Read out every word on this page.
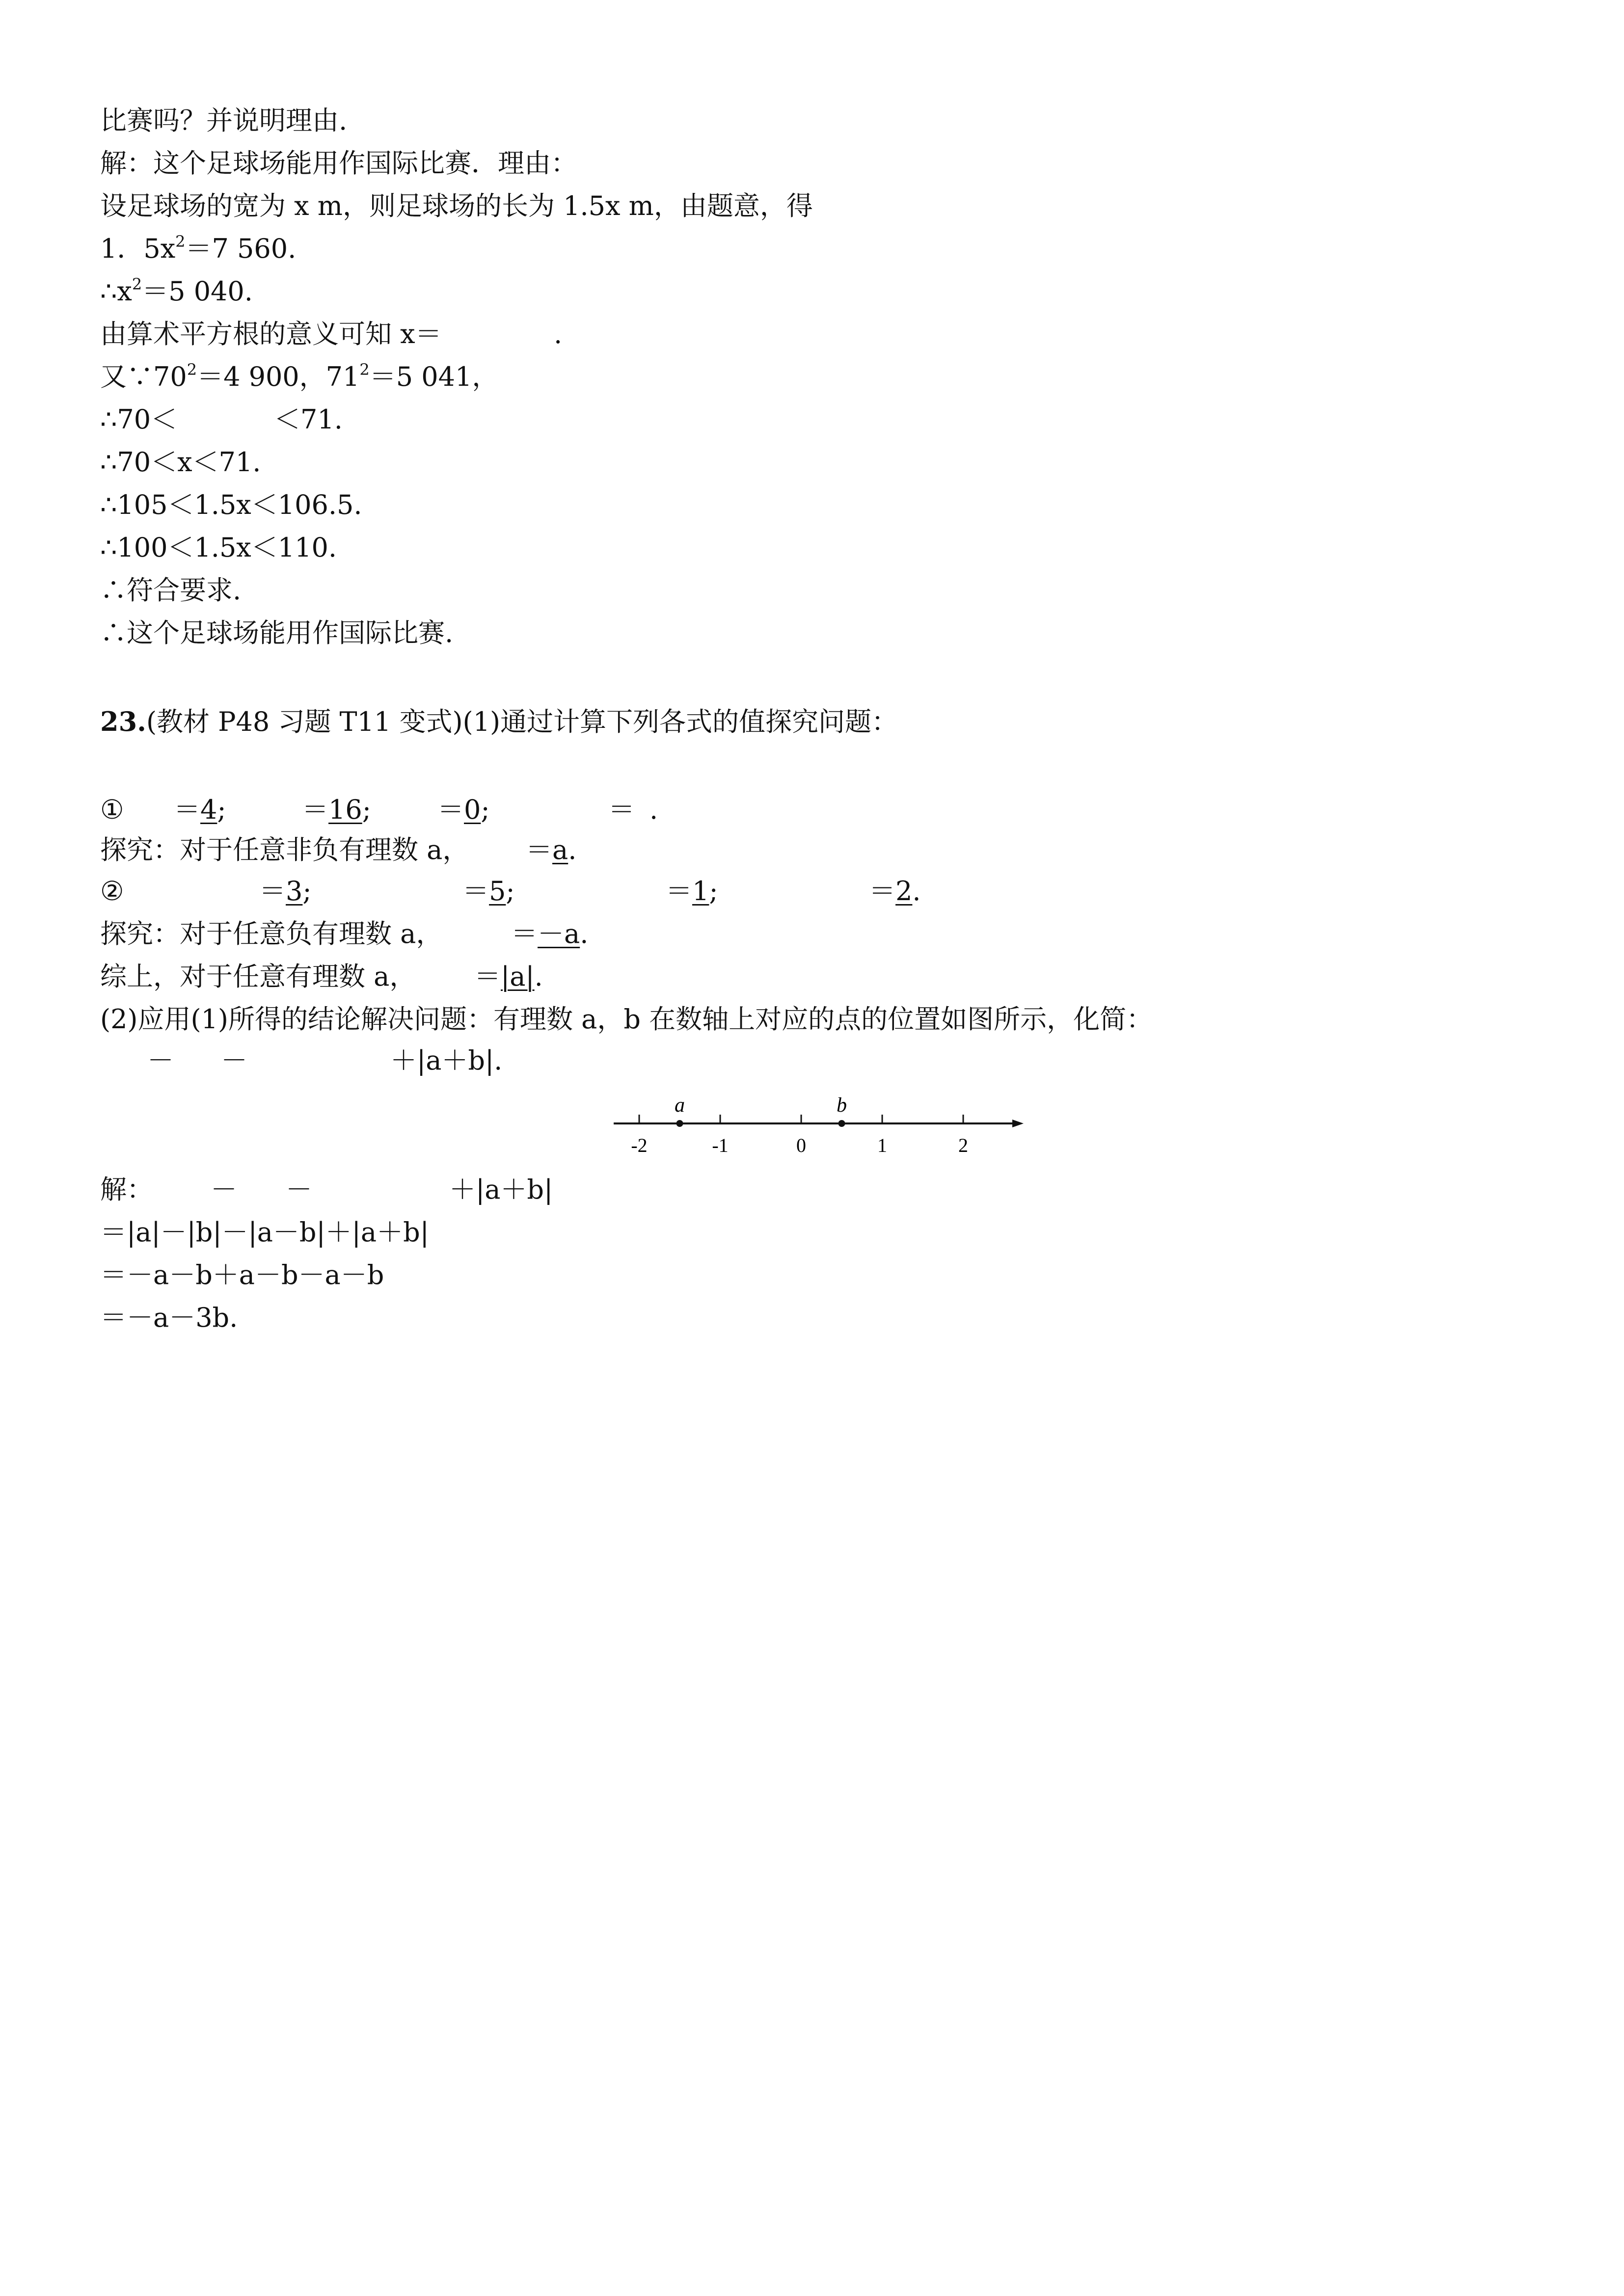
比赛吗？并说明理由.
解：这个足球场能用作国际比赛．理由：
设足球场的宽为 x m，则足球场的长为 1.5x m，由题意，得
1．$5x^2=7$ 560.
$\therefore x^2=5$ 040.
由算术平方根的意义可知 x＝	.
又$\because 70^2=4$ 900，$71^2=5$ 041，
∴70＜	＜71.
∴70＜x＜71.
∴105＜1.5x＜106.5.
∴100＜1.5x＜110.
∴符合要求.
∴这个足球场能用作国际比赛.
23.(教材 P48 习题 T11 变式)(1)通过计算下列各式的值探究问题：
① ＝4;	＝16;	＝0;	＝ .
探究：对于任意非负有理数 a， ＝a.
②	＝3;	＝5;	＝1;	＝2.
探究：对于任意负有理数 a，	＝－a.
综上，对于任意有理数 a， ＝|a|.
(2)应用(1)所得的结论解决问题：有理数 a，b 在数轴上对应的点的位置如图所示，化简：
－ －	＋|a＋b|.
-2	-1	0	1	2
a	b
解： － －	＋|a＋b|
＝|a|－|b|－|a－b|＋|a＋b|
＝－a－b＋a－b－a－b
＝－a－3b.
